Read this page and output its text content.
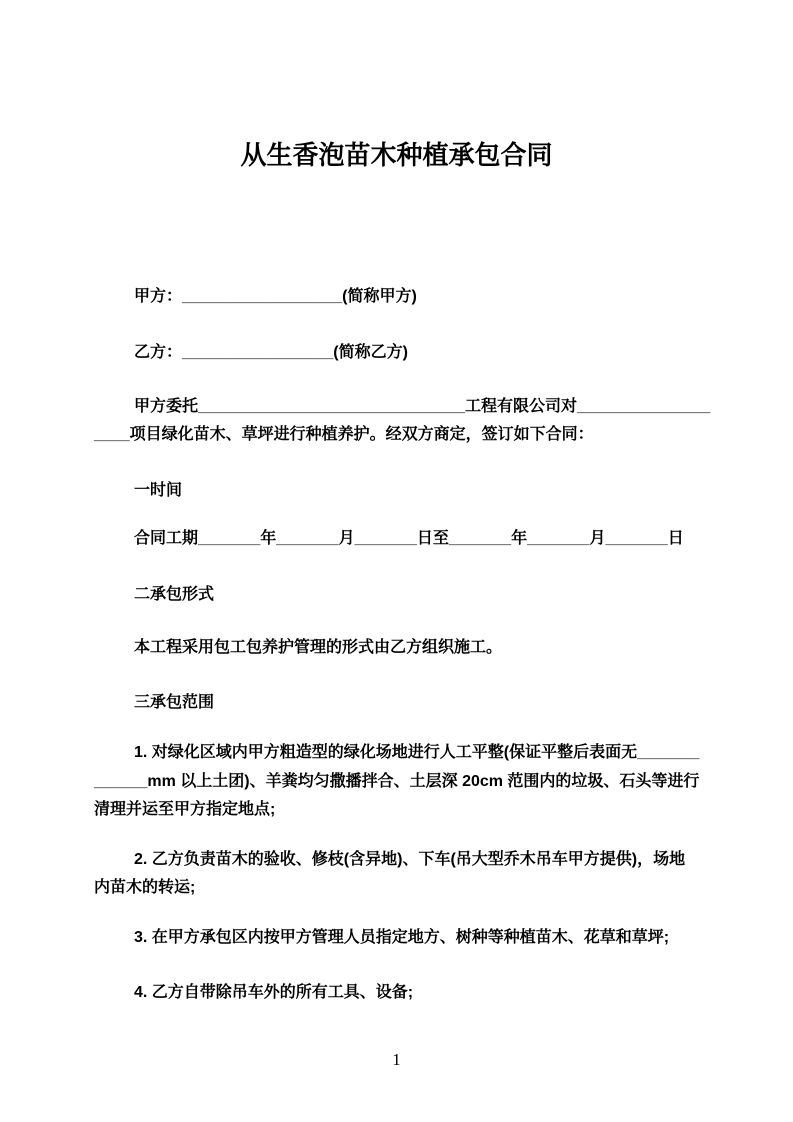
从生香泡苗木种植承包合同
甲方：__________________(简称甲方)
乙方：_________________(简称乙方)
甲方委托______________________________工程有限公司对_______________
____项目绿化苗木、草坪进行种植养护。经双方商定，签订如下合同：
一时间
合同工期_______年_______月_______日至_______年_______月_______日
二承包形式
本工程采用包工包养护管理的形式由乙方组织施工。
三承包范围
1. 对绿化区域内甲方粗造型的绿化场地进行人工平整(保证平整后表面无_______
______mm 以上土团)、羊粪均匀撒播拌合、土层深 20cm 范围内的垃圾、石头等进行
清理并运至甲方指定地点;
2. 乙方负责苗木的验收、修枝(含异地)、下车(吊大型乔木吊车甲方提供)，场地
内苗木的转运;
3. 在甲方承包区内按甲方管理人员指定地方、树种等种植苗木、花草和草坪;
4. 乙方自带除吊车外的所有工具、设备;
1
